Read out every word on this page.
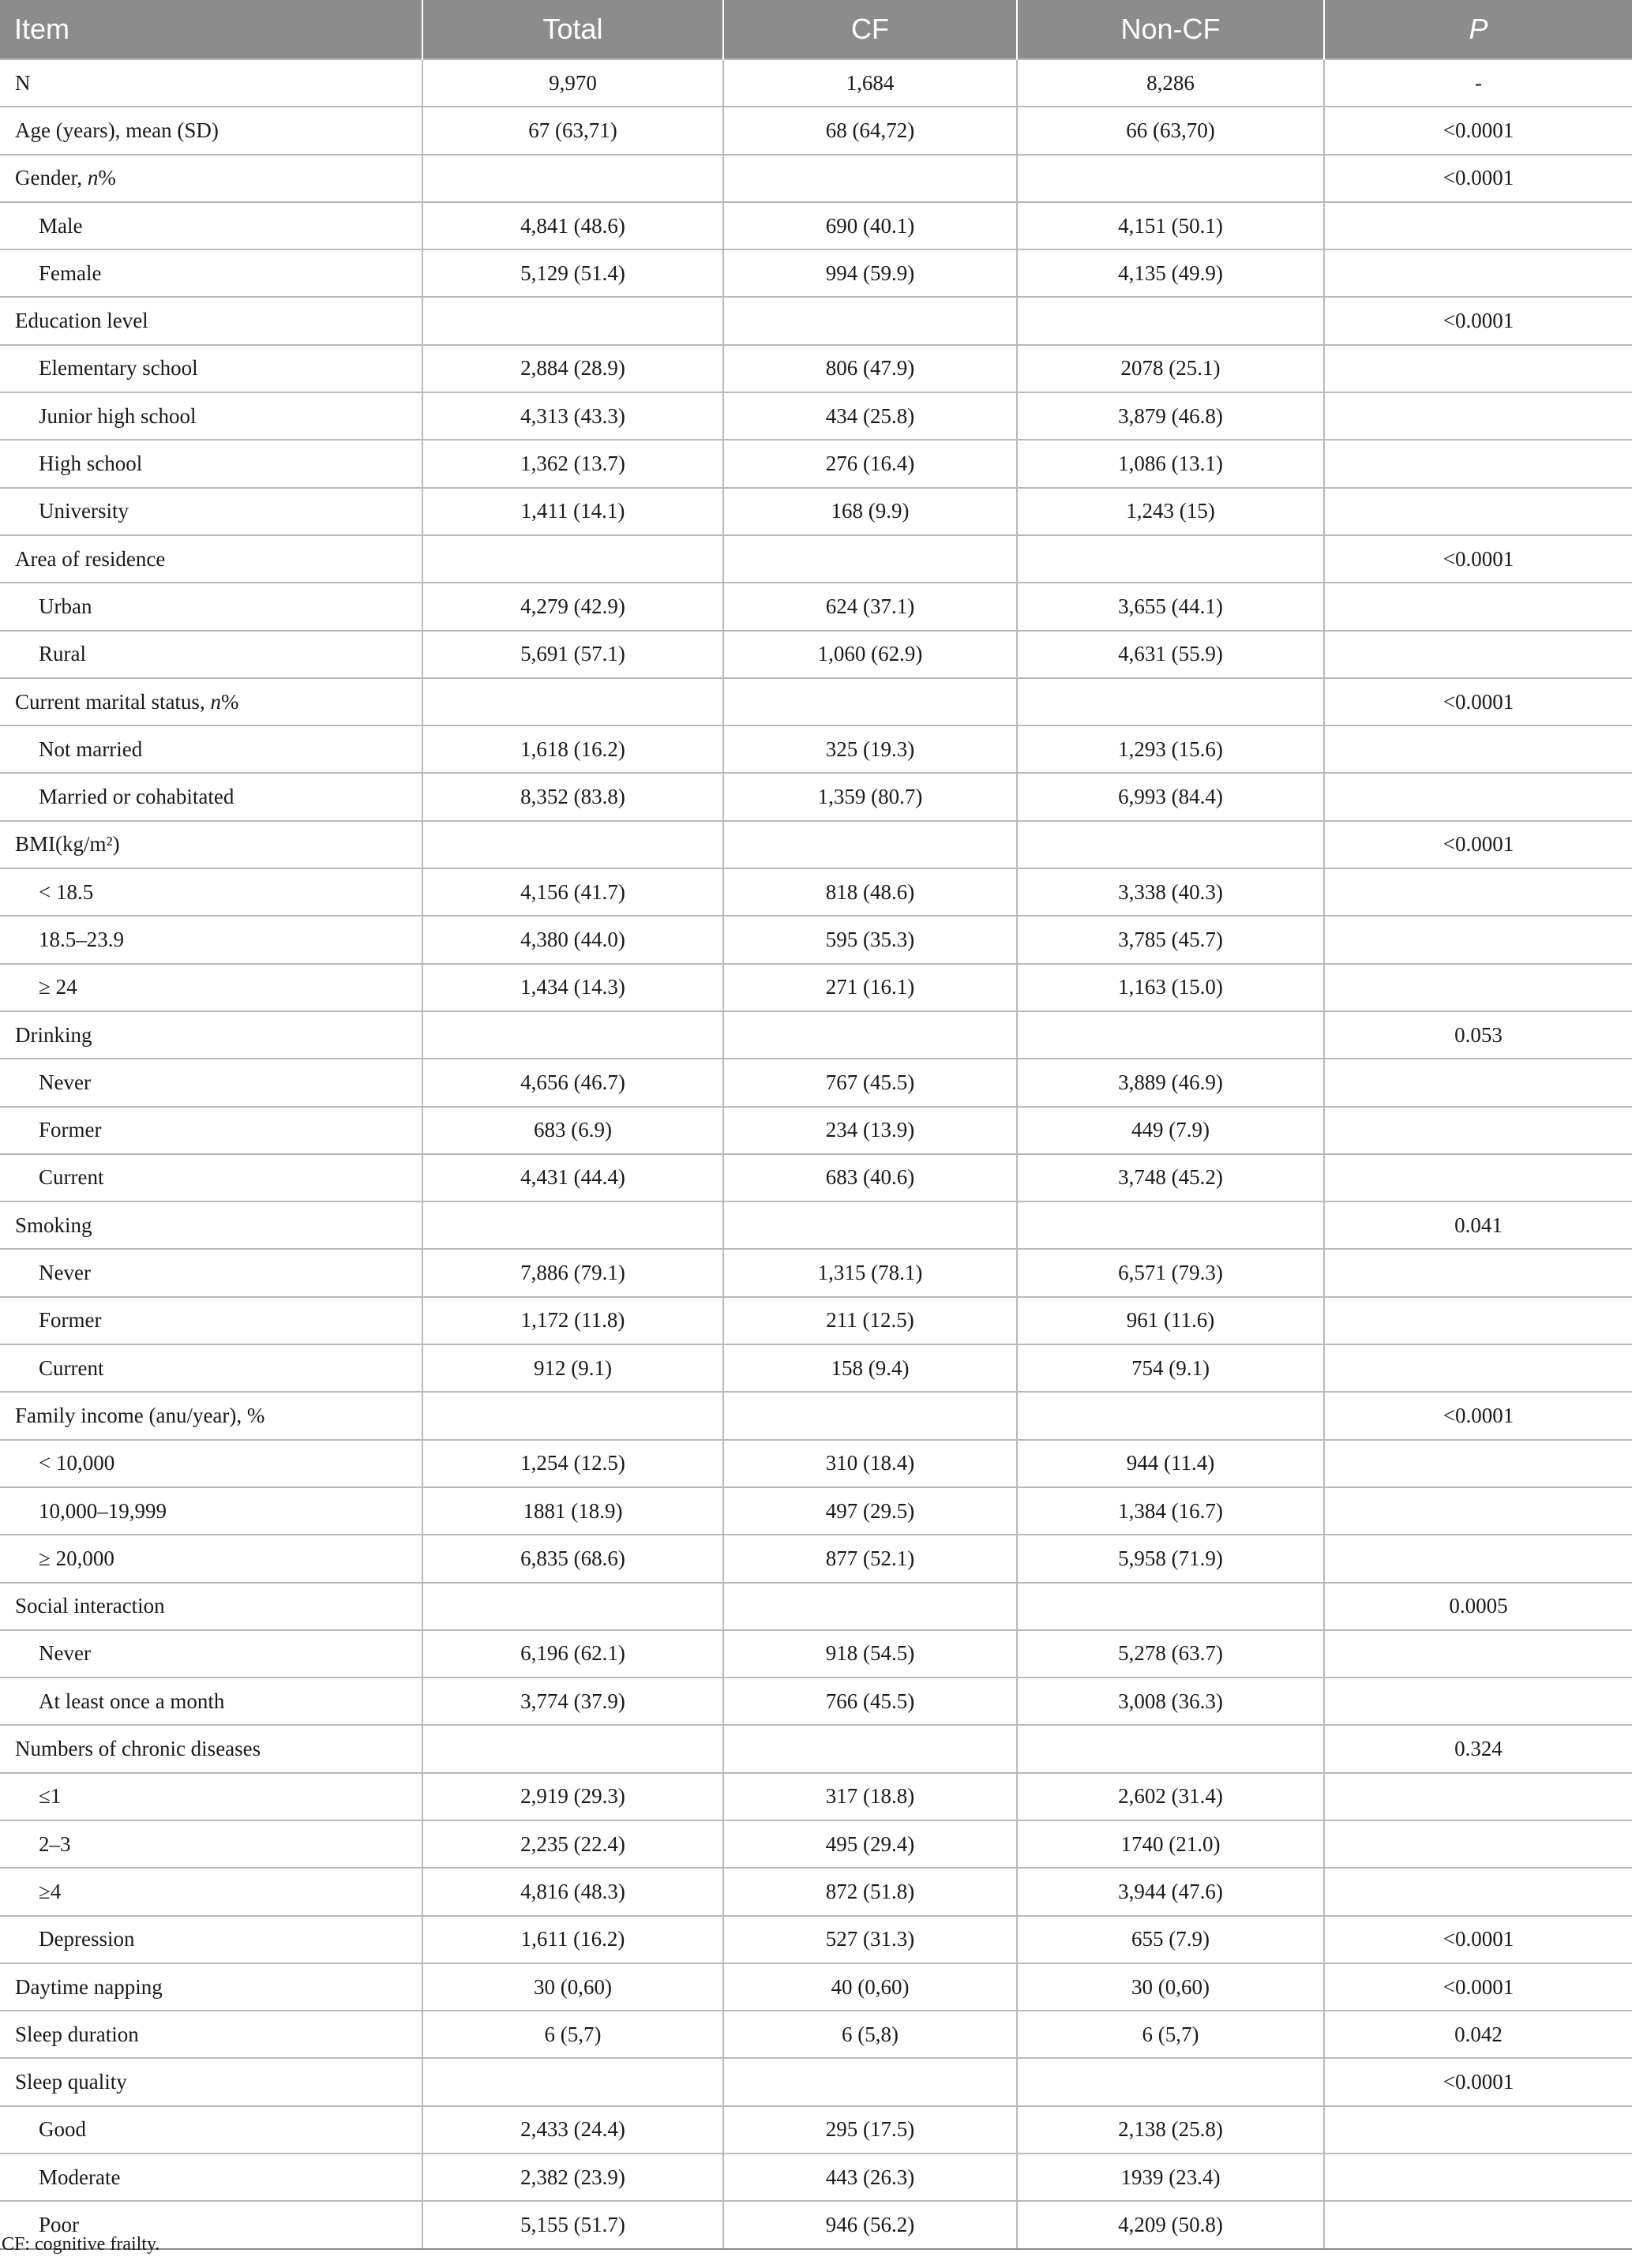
Item	Total	CF	Non-CF	P
N	9,970	1,684	8,286	-
Age (years), mean (SD)	67 (63,71)	68 (64,72)	66 (63,70)	<0.0001
Gender, n%				<0.0001
Male	4,841 (48.6)	690 (40.1)	4,151 (50.1)	
Female	5,129 (51.4)	994 (59.9)	4,135 (49.9)	
Education level				<0.0001
Elementary school	2,884 (28.9)	806 (47.9)	2078 (25.1)	
Junior high school	4,313 (43.3)	434 (25.8)	3,879 (46.8)	
High school	1,362 (13.7)	276 (16.4)	1,086 (13.1)	
University	1,411 (14.1)	168 (9.9)	1,243 (15)	
Area of residence				<0.0001
Urban	4,279 (42.9)	624 (37.1)	3,655 (44.1)	
Rural	5,691 (57.1)	1,060 (62.9)	4,631 (55.9)	
Current marital status, n%				<0.0001
Not married	1,618 (16.2)	325 (19.3)	1,293 (15.6)	
Married or cohabitated	8,352 (83.8)	1,359 (80.7)	6,993 (84.4)	
BMI(kg/m²)				<0.0001
< 18.5	4,156 (41.7)	818 (48.6)	3,338 (40.3)	
18.5–23.9	4,380 (44.0)	595 (35.3)	3,785 (45.7)	
≥ 24	1,434 (14.3)	271 (16.1)	1,163 (15.0)	
Drinking				0.053
Never	4,656 (46.7)	767 (45.5)	3,889 (46.9)	
Former	683 (6.9)	234 (13.9)	449 (7.9)	
Current	4,431 (44.4)	683 (40.6)	3,748 (45.2)	
Smoking				0.041
Never	7,886 (79.1)	1,315 (78.1)	6,571 (79.3)	
Former	1,172 (11.8)	211 (12.5)	961 (11.6)	
Current	912 (9.1)	158 (9.4)	754 (9.1)	
Family income (anu/year), %				<0.0001
< 10,000	1,254 (12.5)	310 (18.4)	944 (11.4)	
10,000–19,999	1881 (18.9)	497 (29.5)	1,384 (16.7)	
≥ 20,000	6,835 (68.6)	877 (52.1)	5,958 (71.9)	
Social interaction				0.0005
Never	6,196 (62.1)	918 (54.5)	5,278 (63.7)	
At least once a month	3,774 (37.9)	766 (45.5)	3,008 (36.3)	
Numbers of chronic diseases				0.324
≤1	2,919 (29.3)	317 (18.8)	2,602 (31.4)	
2–3	2,235 (22.4)	495 (29.4)	1740 (21.0)	
≥4	4,816 (48.3)	872 (51.8)	3,944 (47.6)	
Depression	1,611 (16.2)	527 (31.3)	655 (7.9)	<0.0001
Daytime napping	30 (0,60)	40 (0,60)	30 (0,60)	<0.0001
Sleep duration	6 (5,7)	6 (5,8)	6 (5,7)	0.042
Sleep quality				<0.0001
Good	2,433 (24.4)	295 (17.5)	2,138 (25.8)	
Moderate	2,382 (23.9)	443 (26.3)	1939 (23.4)	
Poor	5,155 (51.7)	946 (56.2)	4,209 (50.8)	
CF: cognitive frailty.
